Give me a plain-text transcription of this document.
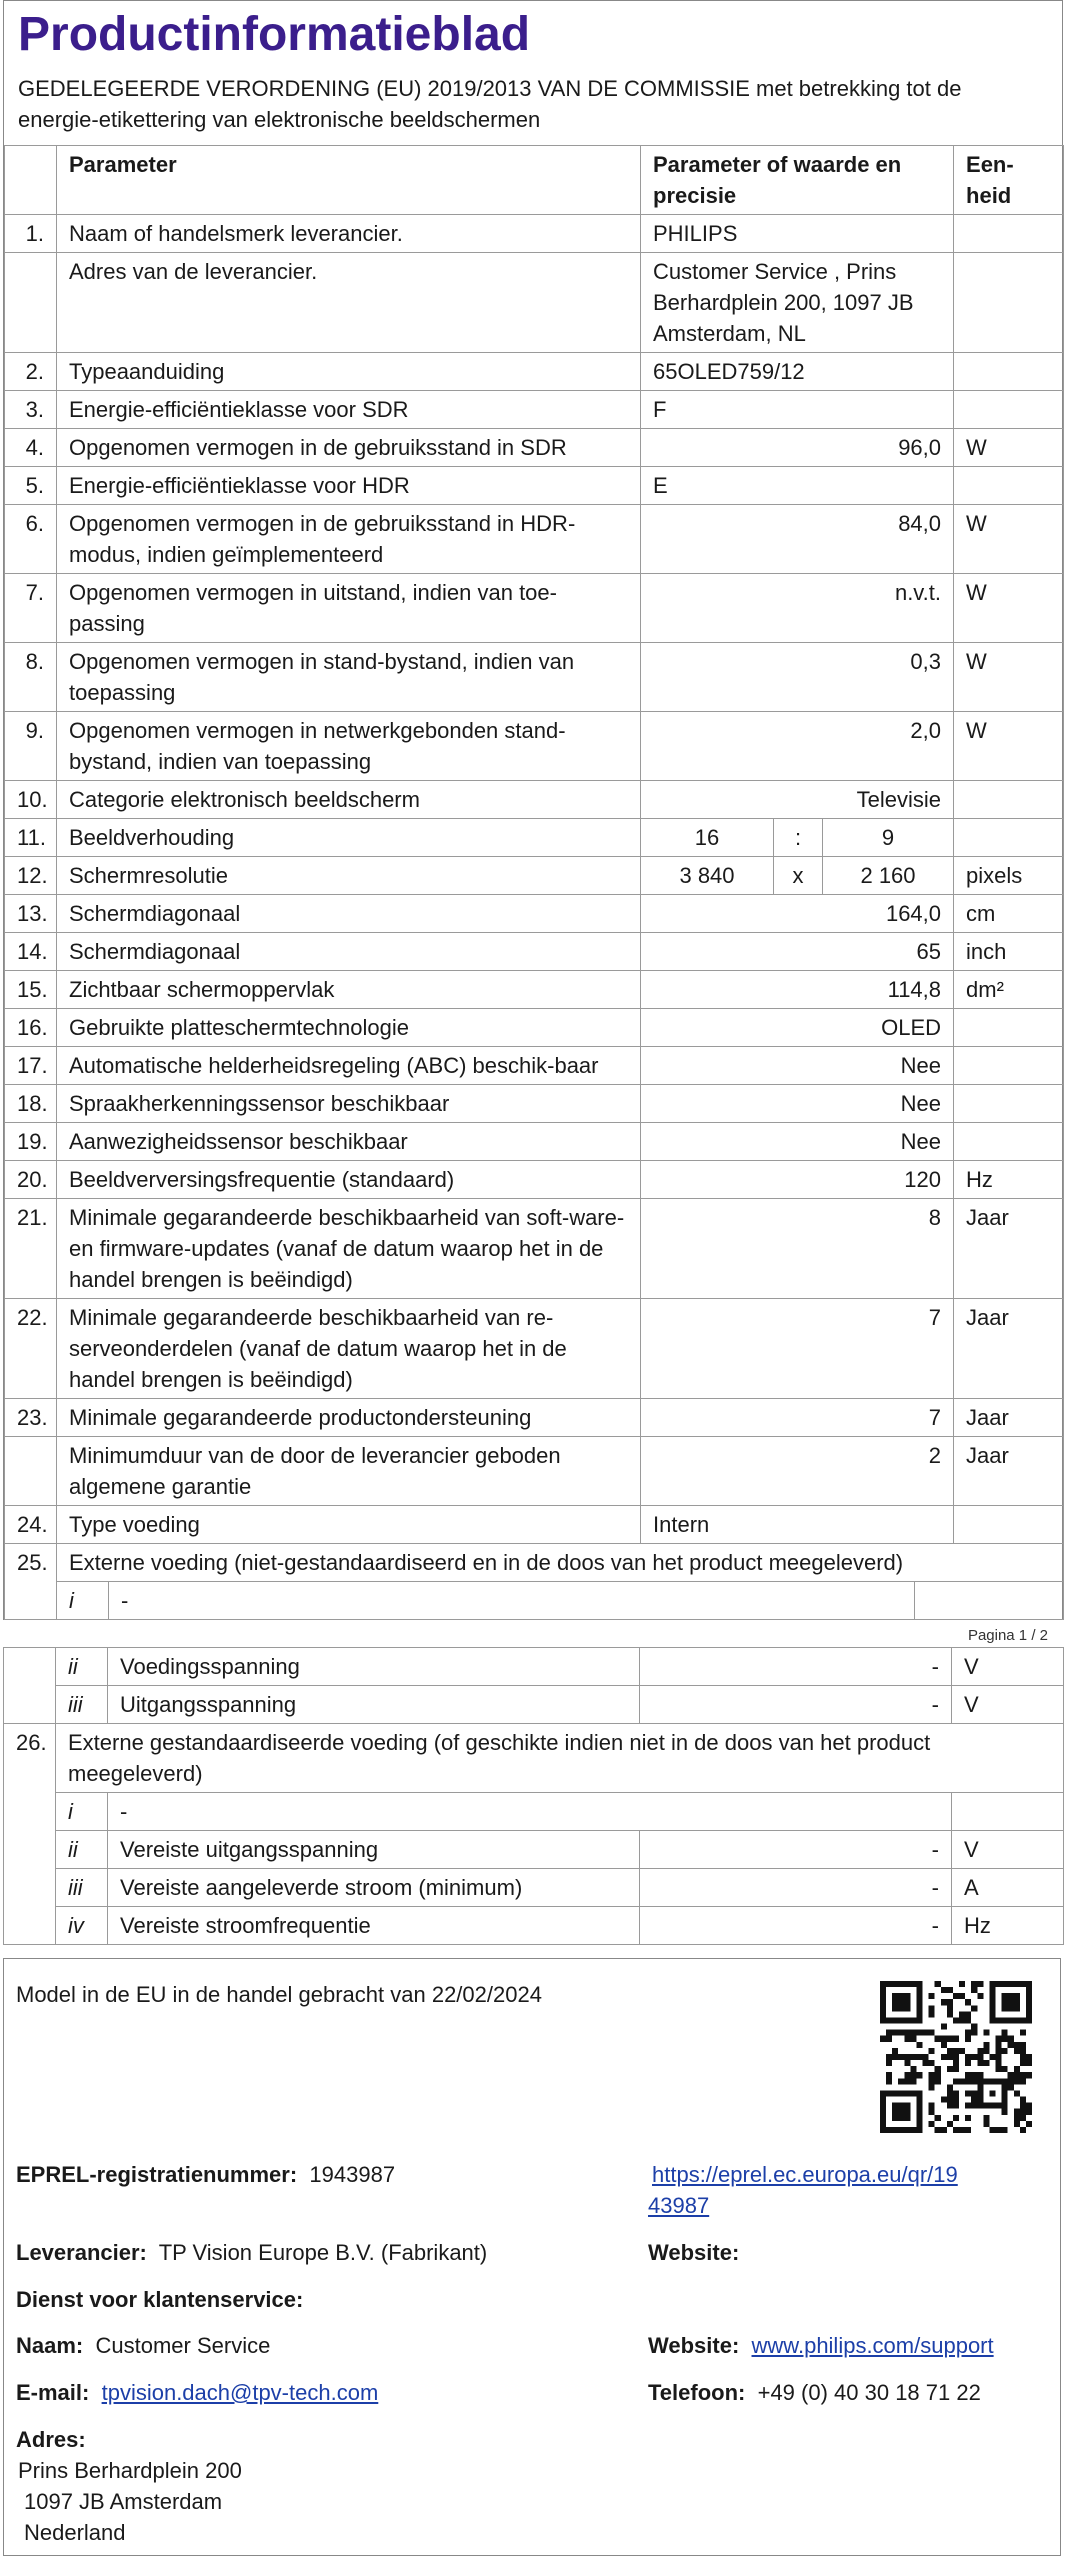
Productinformatieblad
GEDELEGEERDE VERORDENING (EU) 2019/2013 VAN DE COMMISSIE met betrekking tot de energie-etikettering van elektronische beeldschermen
	Parameter	Parameter of waarde en precisie			Een-heid
1.	Naam of handelsmerk leverancier.	PHILIPS			
	Adres van de leverancier.	Customer Service , Prins Berhardplein 200, 1097 JB Amsterdam, NL			
2.	Typeaanduiding	65OLED759/12			
3.	Energie-efficiëntieklasse voor SDR	F			
4.	Opgenomen vermogen in de gebruiksstand in SDR	96,0			W
5.	Energie-efficiëntieklasse voor HDR	E			
6.	Opgenomen vermogen in de gebruiksstand in HDR-modus, indien geïmplementeerd	84,0			W
7.	Opgenomen vermogen in uitstand, indien van toe-passing	n.v.t.			W
8.	Opgenomen vermogen in stand-bystand, indien van toepassing	0,3			W
9.	Opgenomen vermogen in netwerkgebonden stand-bystand, indien van toepassing	2,0			W
10.	Categorie elektronisch beeldscherm	Televisie			
11.	Beeldverhouding	16	:	9	
12.	Schermresolutie	3 840	x	2 160	pixels
13.	Schermdiagonaal	164,0			cm
14.	Schermdiagonaal	65			inch
15.	Zichtbaar schermoppervlak	114,8			dm²
16.	Gebruikte platteschermtechnologie	OLED			
17.	Automatische helderheidsregeling (ABC) beschik-baar	Nee			
18.	Spraakherkenningssensor beschikbaar	Nee			
19.	Aanwezigheidssensor beschikbaar	Nee			
20.	Beeldverversingsfrequentie (standaard)	120			Hz
21.	Minimale gegarandeerde beschikbaarheid van soft-ware- en firmware-updates (vanaf de datum waarop het in de handel brengen is beëindigd)	8			Jaar
22.	Minimale gegarandeerde beschikbaarheid van re-serveonderdelen (vanaf de datum waarop het in de handel brengen is beëindigd)	7			Jaar
23.	Minimale gegarandeerde productondersteuning	7			Jaar
	Minimumduur van de door de leverancier geboden algemene garantie	2			Jaar
24.	Type voeding	Intern			
25.	Externe voeding (niet-gestandaardiseerd en in de doos van het product meegeleverd)				

	i -				
Pagina 1 / 2
	ii	Voedingsspanning	-	V
	iii	Uitgangsspanning	-	V
26.	Externe gestandaardiseerde voeding (of geschikte indien niet in de doos van het product meegeleverd)			
	i	-		
	ii	Vereiste uitgangsspanning	-	V
	iii	Vereiste aangeleverde stroom (minimum)	-	A
	iv	Vereiste stroomfrequentie	-	Hz
Model in de EU in de handel gebracht van 22/02/2024
EPREL-registratienummer: 1943987	https://eprel.ec.europa.eu/qr/19
43987
Leverancier: TP Vision Europe B.V. (Fabrikant)	Website:
Dienst voor klantenservice:
Naam: Customer Service	Website: www.philips.com/support
E-mail: tpvision.dach@tpv-tech.com	Telefoon: +49 (0) 40 30 18 71 22
Adres:
Prins Berhardplein 200
1097 JB Amsterdam
Nederland
